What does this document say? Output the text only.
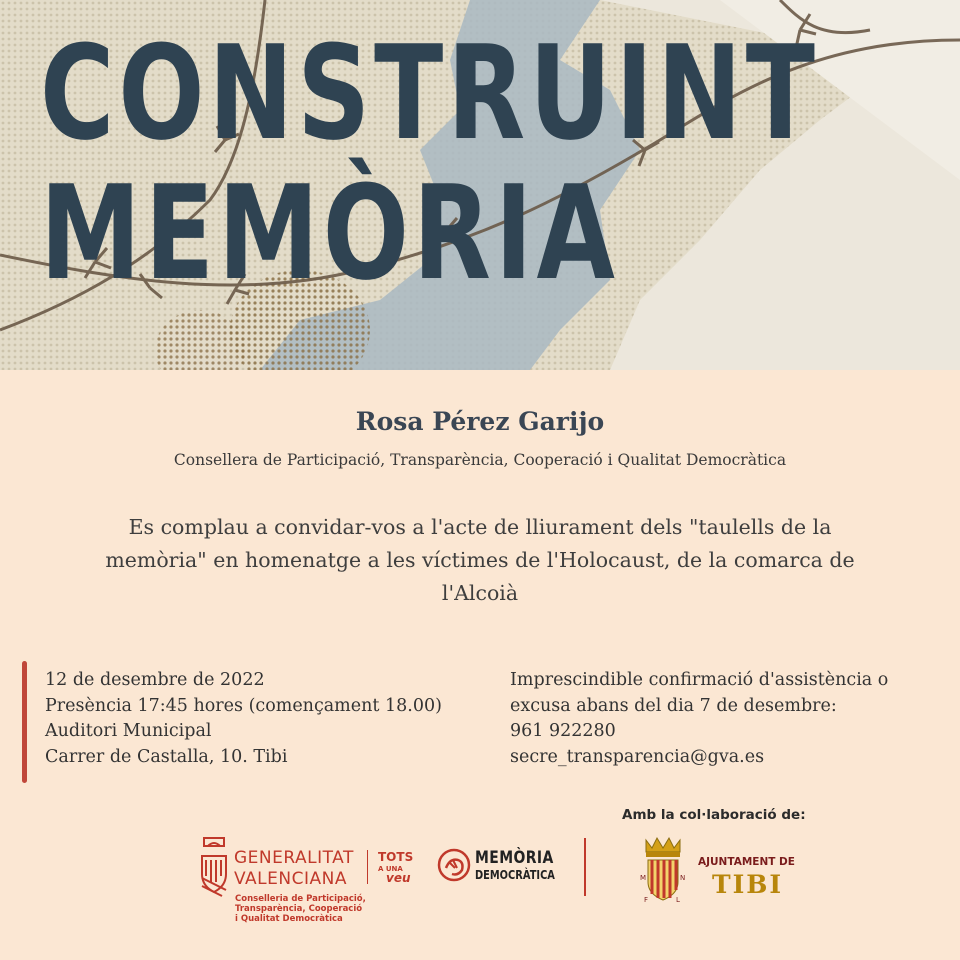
CONSTRUINT
MEMÒRIA
Rosa Pérez Garijo
Consellera de Participació, Transparència, Cooperació i Qualitat Democràtica
Es complau a convidar-vos a l'acte de lliurament dels "taulells de la memòria" en homenatge a les víctimes de l'Holocaust, de la comarca de l'Alcoià
12 de desembre de 2022
Presència 17:45 hores (començament 18.00)
Auditori Municipal
Carrer de Castalla, 10. Tibi
Imprescindible confirmació d'assistència o
excusa abans del dia 7 de desembre:
961 922280
secre_transparencia@gva.es
Amb la col·laboració de:
GENERALITAT
VALENCIANA
Conselleria de Participació,
Transparència, Cooperació
i Qualitat Democràtica
TOTS
A UNA
veu
MEMÒRIA
DEMOCRÀTICA	M	N
F	L
AJUNTAMENT DE
TIBI
